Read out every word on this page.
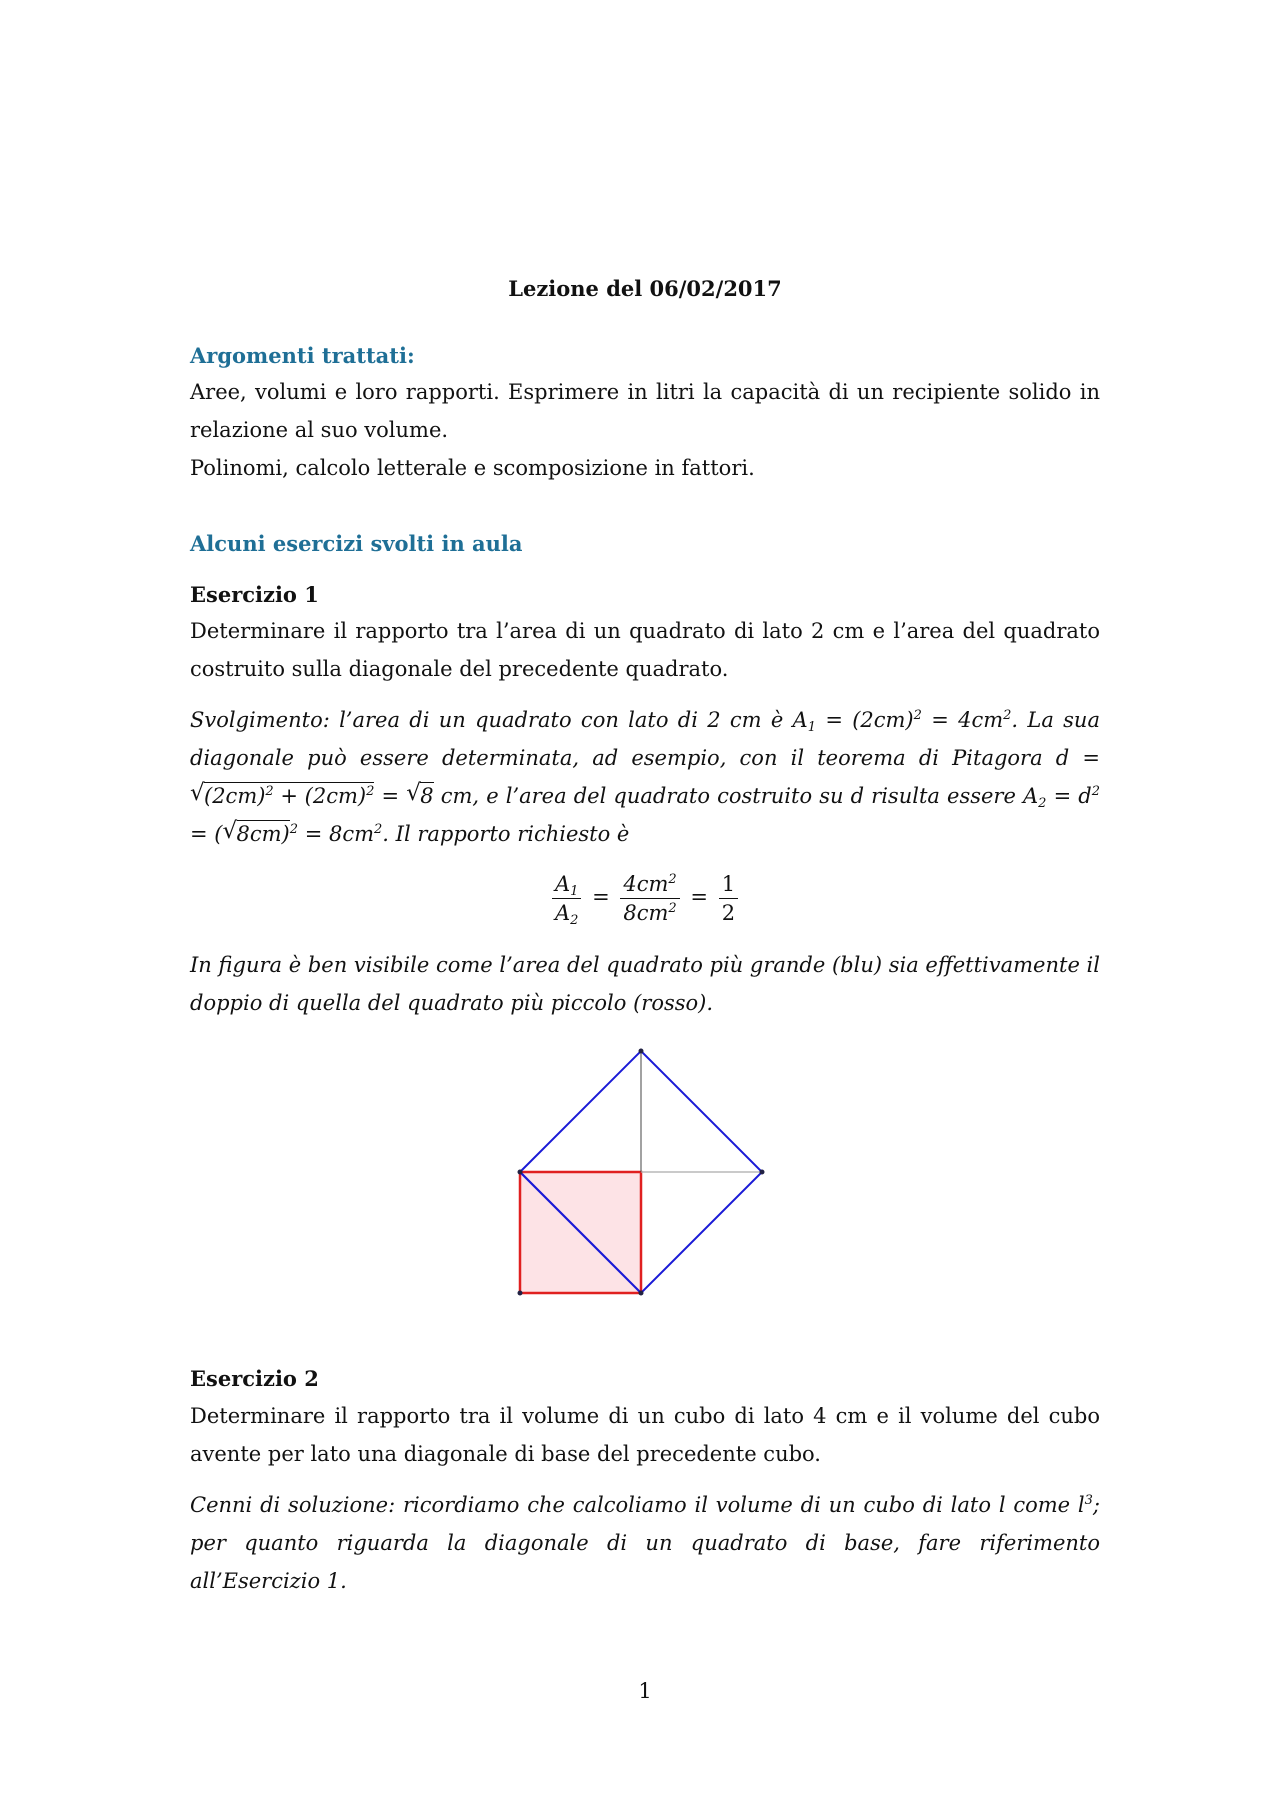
Lezione del 06/02/2017
Argomenti trattati:
Aree, volumi e loro rapporti. Esprimere in litri la capacità di un recipiente solido in relazione al suo volume.
Polinomi, calcolo letterale e scomposizione in fattori.
Alcuni esercizi svolti in aula
Esercizio 1
Determinare il rapporto tra l’area di un quadrato di lato 2 cm e l’area del quadrato costruito sulla diagonale del precedente quadrato.
Svolgimento: l’area di un quadrato con lato di 2 cm è $A_1 = (2cm)^2 = 4cm^2$. La sua diagonale può essere determinata, ad esempio, con il teorema di Pitagora d = √ $(2cm)^2 + (2cm)^2$ = √ 8 cm, e l’area del quadrato costruito su d risulta essere $A_2 = d^2$ = ( √ $8cm)^2 = 8cm^2$. Il rapporto richiesto è
$\frac{A_1}{A_2} = \frac{4cm^2}{8cm^2} = \frac{1}{2}$
In figura è ben visibile come l’area del quadrato più grande (blu) sia effettivamente il doppio di quella del quadrato più piccolo (rosso).
Esercizio 2
Determinare il rapporto tra il volume di un cubo di lato 4 cm e il volume del cubo avente per lato una diagonale di base del precedente cubo.
Cenni di soluzione: ricordiamo che calcoliamo il volume di un cubo di lato l come $l^3$; per quanto riguarda la diagonale di un quadrato di base, fare riferimento all’Esercizio 1.
1
